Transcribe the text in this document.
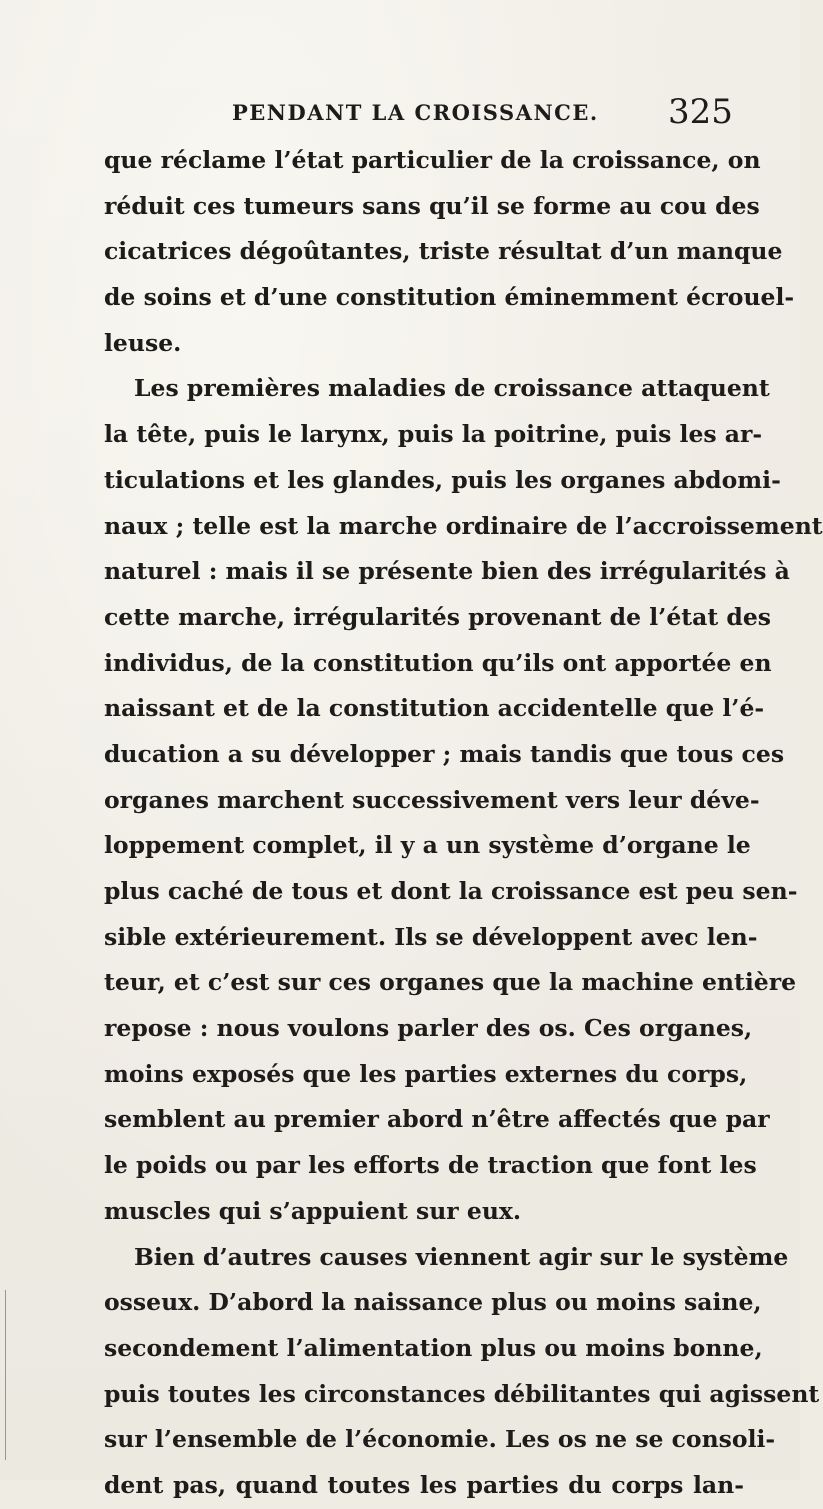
PENDANT LA CROISSANCE. 325
que réclame l’état particulier de la croissance, on
réduit ces tumeurs sans qu’il se forme au cou des
cicatrices dégoûtantes, triste résultat d’un manque
de soins et d’une constitution éminemment écrouel-
leuse.
Les premières maladies de croissance attaquent
la tête, puis le larynx, puis la poitrine, puis les ar-
ticulations et les glandes, puis les organes abdomi-
naux ; telle est la marche ordinaire de l’accroissement
naturel : mais il se présente bien des irrégularités à
cette marche, irrégularités provenant de l’état des
individus, de la constitution qu’ils ont apportée en
naissant et de la constitution accidentelle que l’é-
ducation a su développer ; mais tandis que tous ces
organes marchent successivement vers leur déve-
loppement complet, il y a un système d’organe le
plus caché de tous et dont la croissance est peu sen-
sible extérieurement. Ils se développent avec len-
teur, et c’est sur ces organes que la machine entière
repose : nous voulons parler des os. Ces organes,
moins exposés que les parties externes du corps,
semblent au premier abord n’être affectés que par
le poids ou par les efforts de traction que font les
muscles qui s’appuient sur eux.
Bien d’autres causes viennent agir sur le système
osseux. D’abord la naissance plus ou moins saine,
secondement l’alimentation plus ou moins bonne,
puis toutes les circonstances débilitantes qui agissent
sur l’ensemble de l’économie. Les os ne se consoli-
dent pas, quand toutes les parties du corps lan-
